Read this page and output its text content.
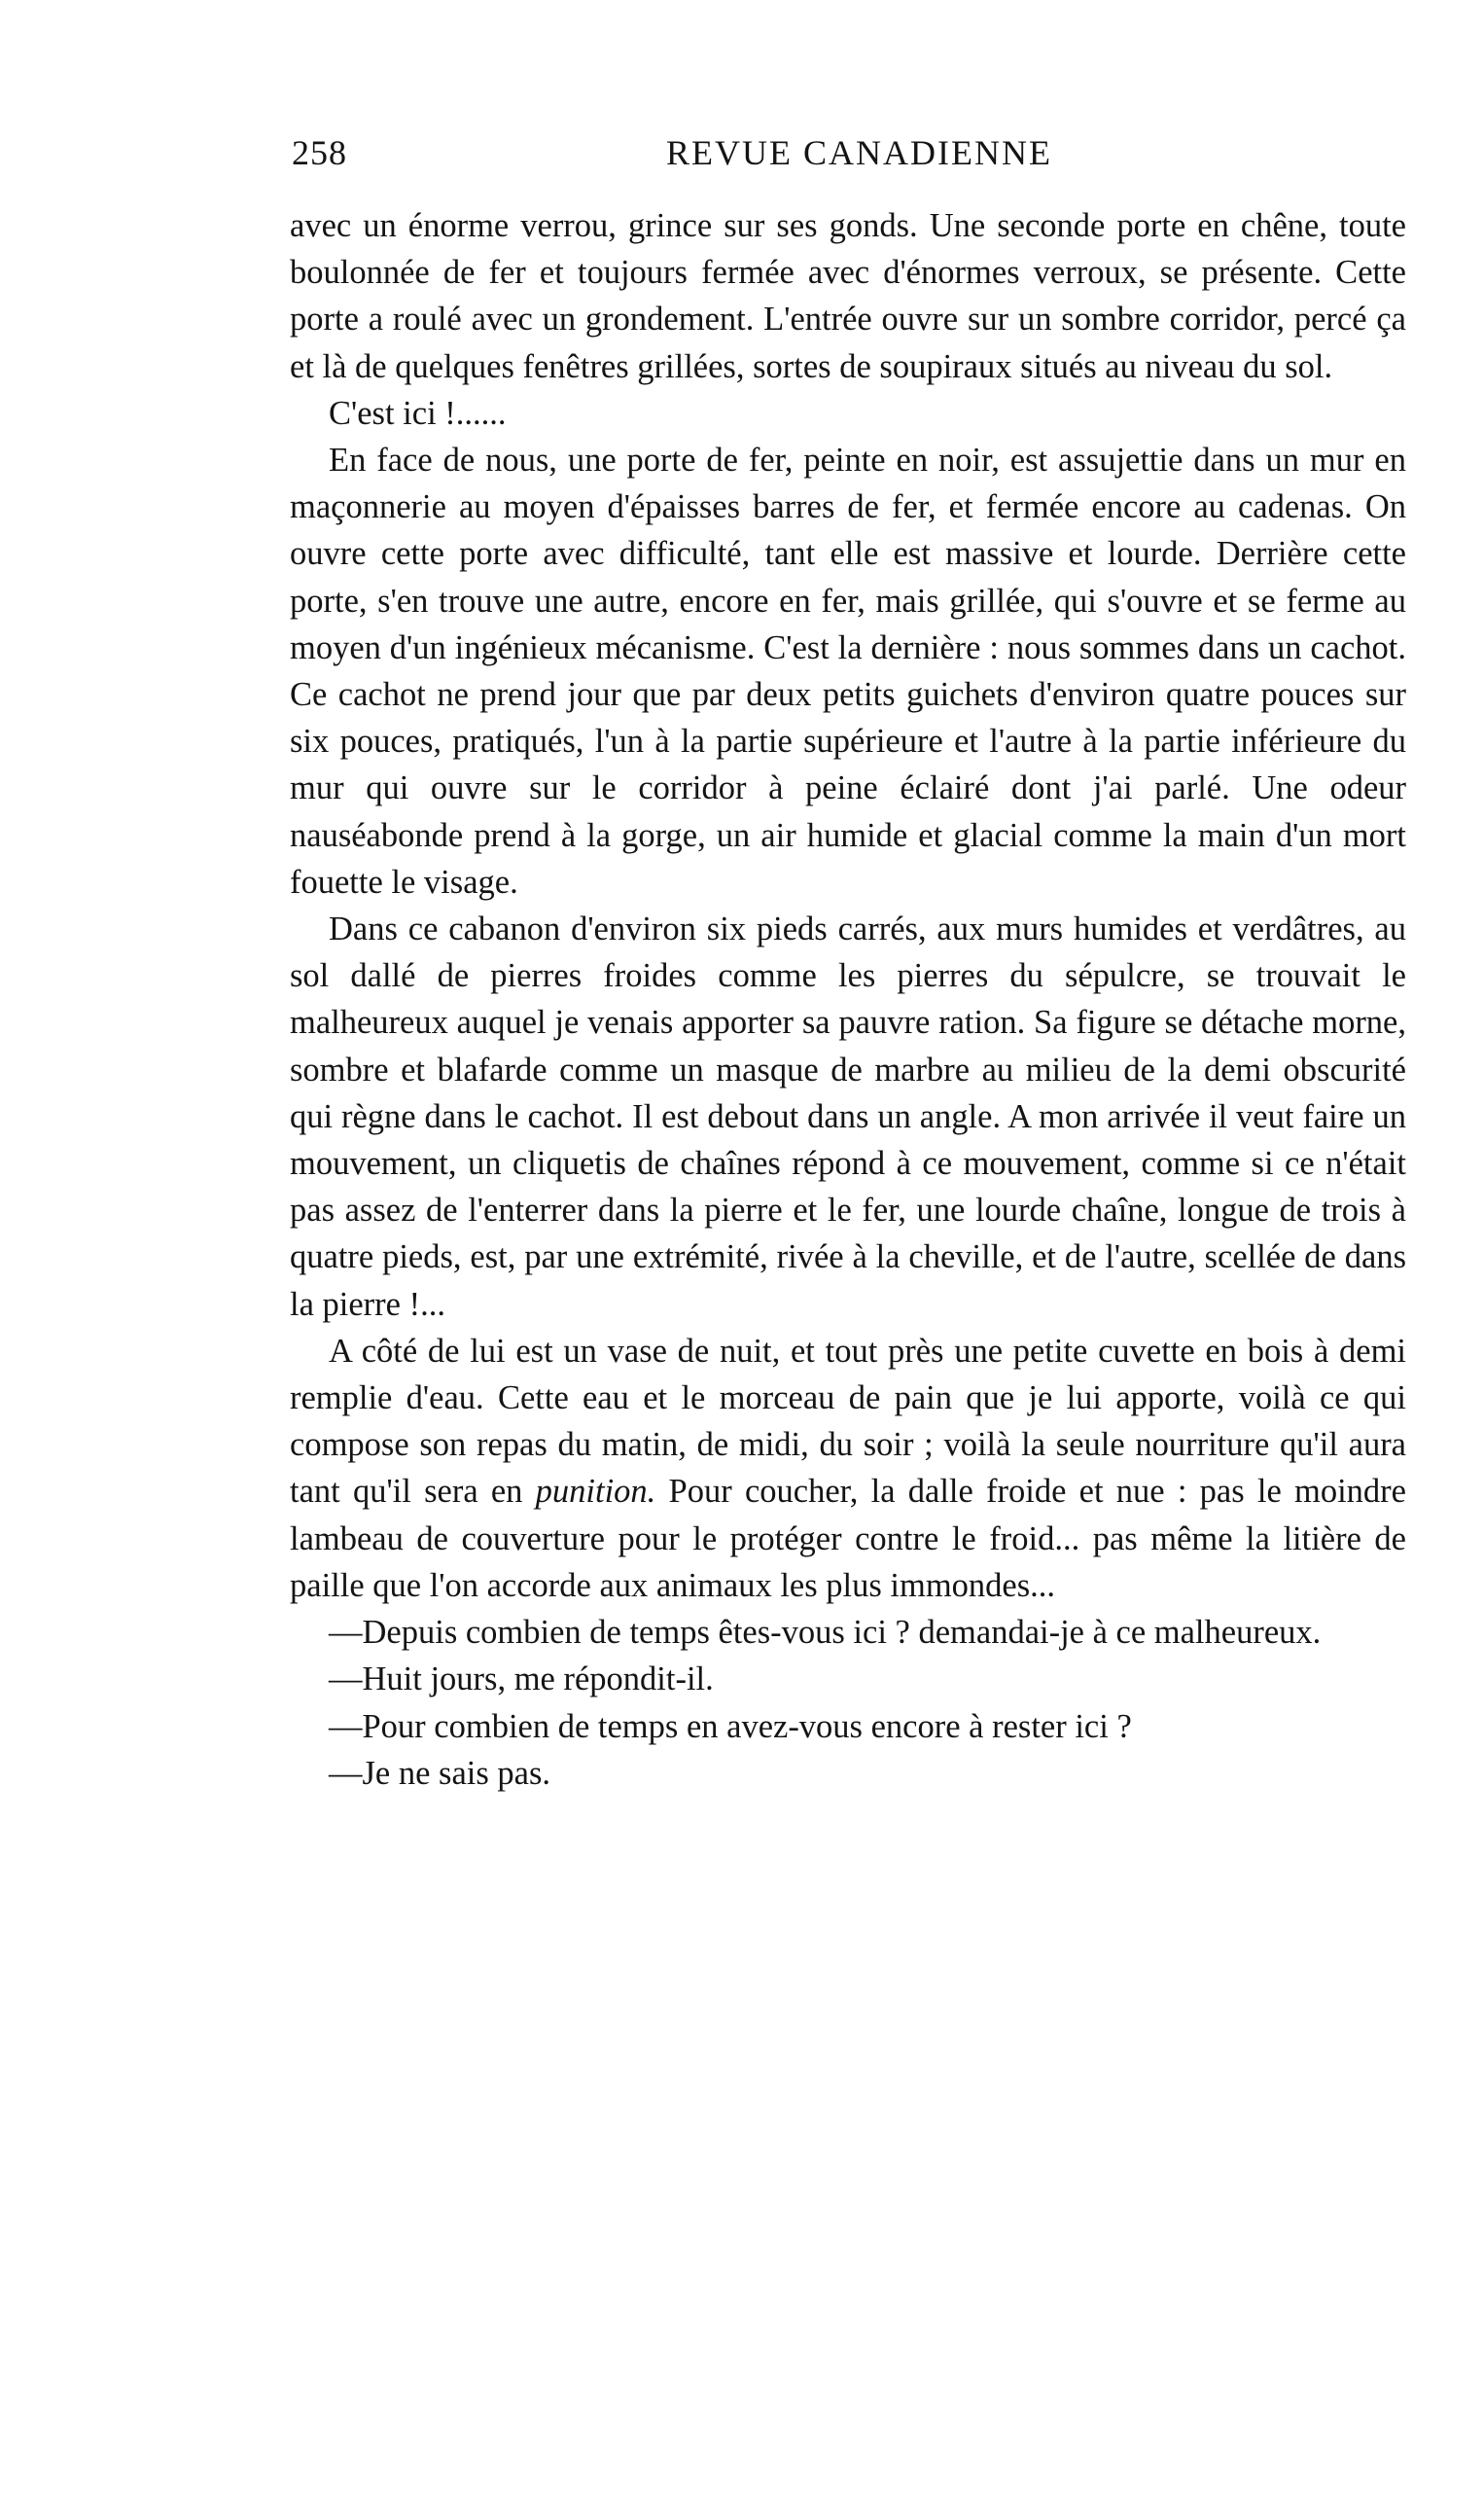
258	REVUE CANADIENNE

avec un énorme verrou, grince sur ses gonds. Une seconde porte en chêne, toute boulonnée de fer et toujours fermée avec d'énormes verroux, se présente. Cette porte a roulé avec un grondement. L'entrée ouvre sur un sombre corridor, percé ça et là de quelques fenêtres grillées, sortes de soupiraux situés au niveau du sol.

C'est ici !......

En face de nous, une porte de fer, peinte en noir, est assujettie dans un mur en maçonnerie au moyen d'épaisses barres de fer, et fermée encore au cadenas. On ouvre cette porte avec difficulté, tant elle est massive et lourde. Derrière cette porte, s'en trouve une autre, encore en fer, mais grillée, qui s'ouvre et se ferme au moyen d'un ingénieux mécanisme. C'est la dernière : nous sommes dans un cachot. Ce cachot ne prend jour que par deux petits guichets d'environ quatre pouces sur six pouces, pratiqués, l'un à la partie supérieure et l'autre à la partie inférieure du mur qui ouvre sur le corridor à peine éclairé dont j'ai parlé. Une odeur nauséabonde prend à la gorge, un air humide et glacial comme la main d'un mort fouette le visage.

Dans ce cabanon d'environ six pieds carrés, aux murs humides et verdâtres, au sol dallé de pierres froides comme les pierres du sépulcre, se trouvait le malheureux auquel je venais apporter sa pauvre ration. Sa figure se détache morne, sombre et blafarde comme un masque de marbre au milieu de la demi obscurité qui règne dans le cachot. Il est debout dans un angle. A mon arrivée il veut faire un mouvement, un cliquetis de chaînes répond à ce mouvement, comme si ce n'était pas assez de l'enterrer dans la pierre et le fer, une lourde chaîne, longue de trois à quatre pieds, est, par une extrémité, rivée à la cheville, et de l'autre, scellée de dans la pierre !...

A côté de lui est un vase de nuit, et tout près une petite cuvette en bois à demi remplie d'eau. Cette eau et le morceau de pain que je lui apporte, voilà ce qui compose son repas du matin, de midi, du soir ; voilà la seule nourriture qu'il aura tant qu'il sera en punition. Pour coucher, la dalle froide et nue : pas le moindre lambeau de couverture pour le protéger contre le froid... pas même la litière de paille que l'on accorde aux animaux les plus immondes...

—Depuis combien de temps êtes-vous ici ? demandai-je à ce malheureux.

—Huit jours, me répondit-il.

—Pour combien de temps en avez-vous encore à rester ici ?

—Je ne sais pas.
